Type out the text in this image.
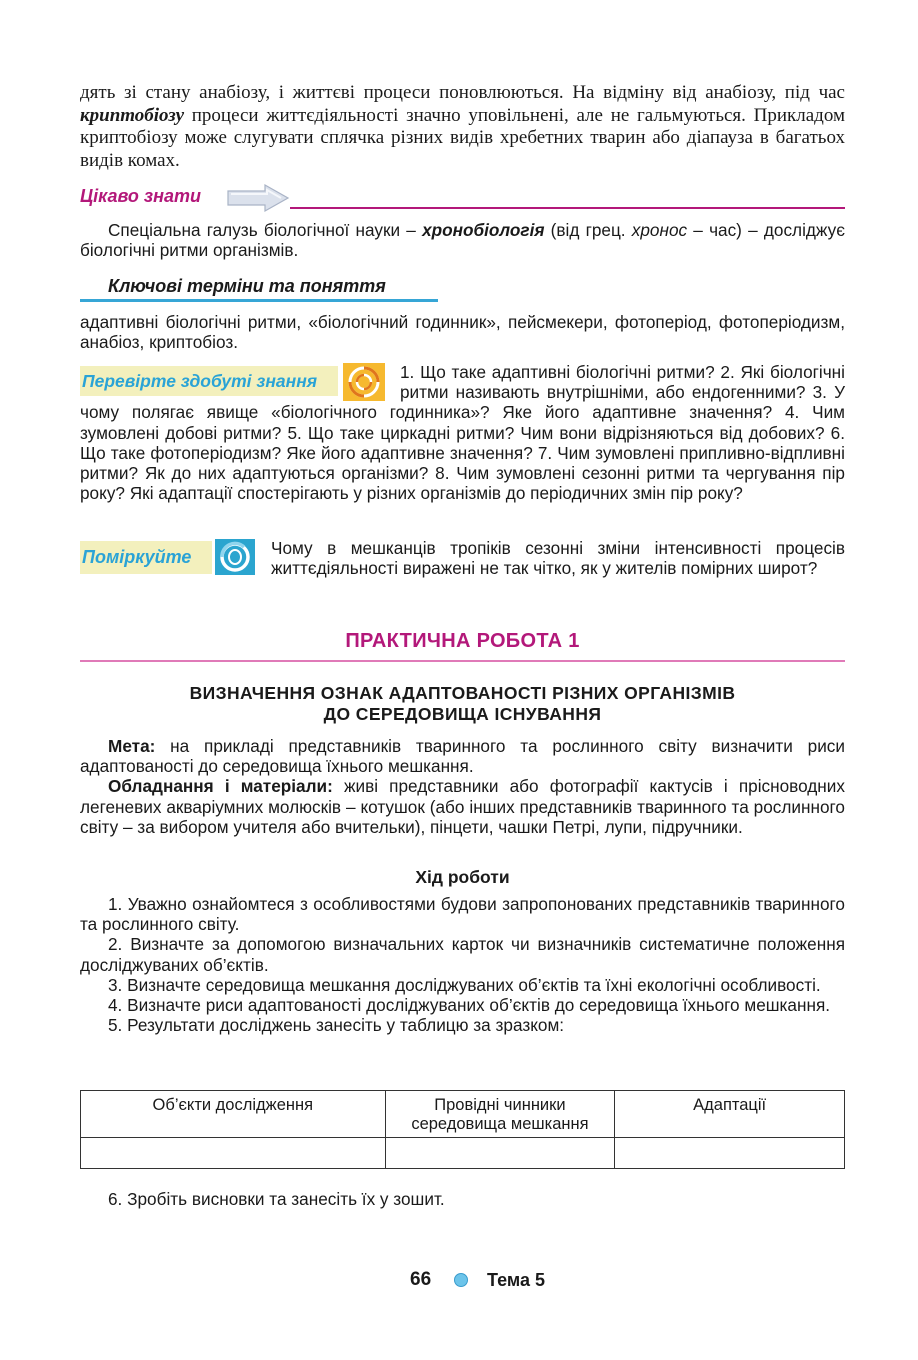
дять зі стану анабіозу, і життєві процеси поновлюються. На відміну від анабіозу, під час криптобіозу процеси життєдіяльності значно уповільнені, але не гальмуються. Прикладом криптобіозу може слугувати сплячка різних видів хребетних тварин або діапауза в багатьох видів комах.

Цікаво знати

Спеціальна галузь біологічної науки – хронобіологія (від грец. хронос – час) – досліджує біологічні ритми організмів.

Ключові терміни та поняття

адаптивні біологічні ритми, «біологічний годинник», пейсмекери, фотоперіод, фотоперіодизм, анабіоз, криптобіоз.

Перевірте здобуті знання	1. Що таке адаптивні біологічні ритми? 2. Які біологічні ритми називають внутрішніми, або ендогенними? 3. У чому полягає явище «біологічного годинника»? Яке його адаптивне значення? 4. Чим зумовлені добові ритми? 5. Що таке циркадні ритми? Чим вони відрізняються від добових? 6. Що таке фотоперіодизм? Яке його адаптивне значення? 7. Чим зумовлені припливно-відпливні ритми? Як до них адаптуються організми? 8. Чим зумовлені сезонні ритми та чергування пір року? Які адаптації спостерігають у різних організмів до періодичних змін пір року?

Поміркуйте	Чому в мешканців тропіків сезонні зміни інтенсивності процесів життєдіяльності виражені не так чітко, як у жителів помірних широт?

ПРАКТИЧНА РОБОТА 1
ВИЗНАЧЕННЯ ОЗНАК АДАПТОВАНОСТІ РІЗНИХ ОРГАНІЗМІВ
ДО СЕРЕДОВИЩА ІСНУВАННЯ

Мета: на прикладі представників тваринного та рослинного світу визначити риси адаптованості до середовища їхнього мешкання.

Обладнання і матеріали: живі представники або фотографії кактусів і прісноводних легеневих акваріумних молюсків – котушок (або інших представників тваринного та рослинного світу – за вибором учителя або вчительки), пінцети, чашки Петрі, лупи, підручники.

Хід роботи

1. Уважно ознайомтеся з особливостями будови запропонованих представників тваринного та рослинного світу.

2. Визначте за допомогою визначальних карток чи визначників систематичне положення досліджуваних об’єктів.

3. Визначте середовища мешкання досліджуваних об’єктів та їхні екологічні особливості.

4. Визначте риси адаптованості досліджуваних об’єктів до середовища їхнього мешкання.

5. Результати досліджень занесіть у таблицю за зразком:

Об’єкти дослідження	Провідні чинники середовища мешкання	Адаптації

6. Зробіть висновки та занесіть їх у зошит.

66	Тема 5
